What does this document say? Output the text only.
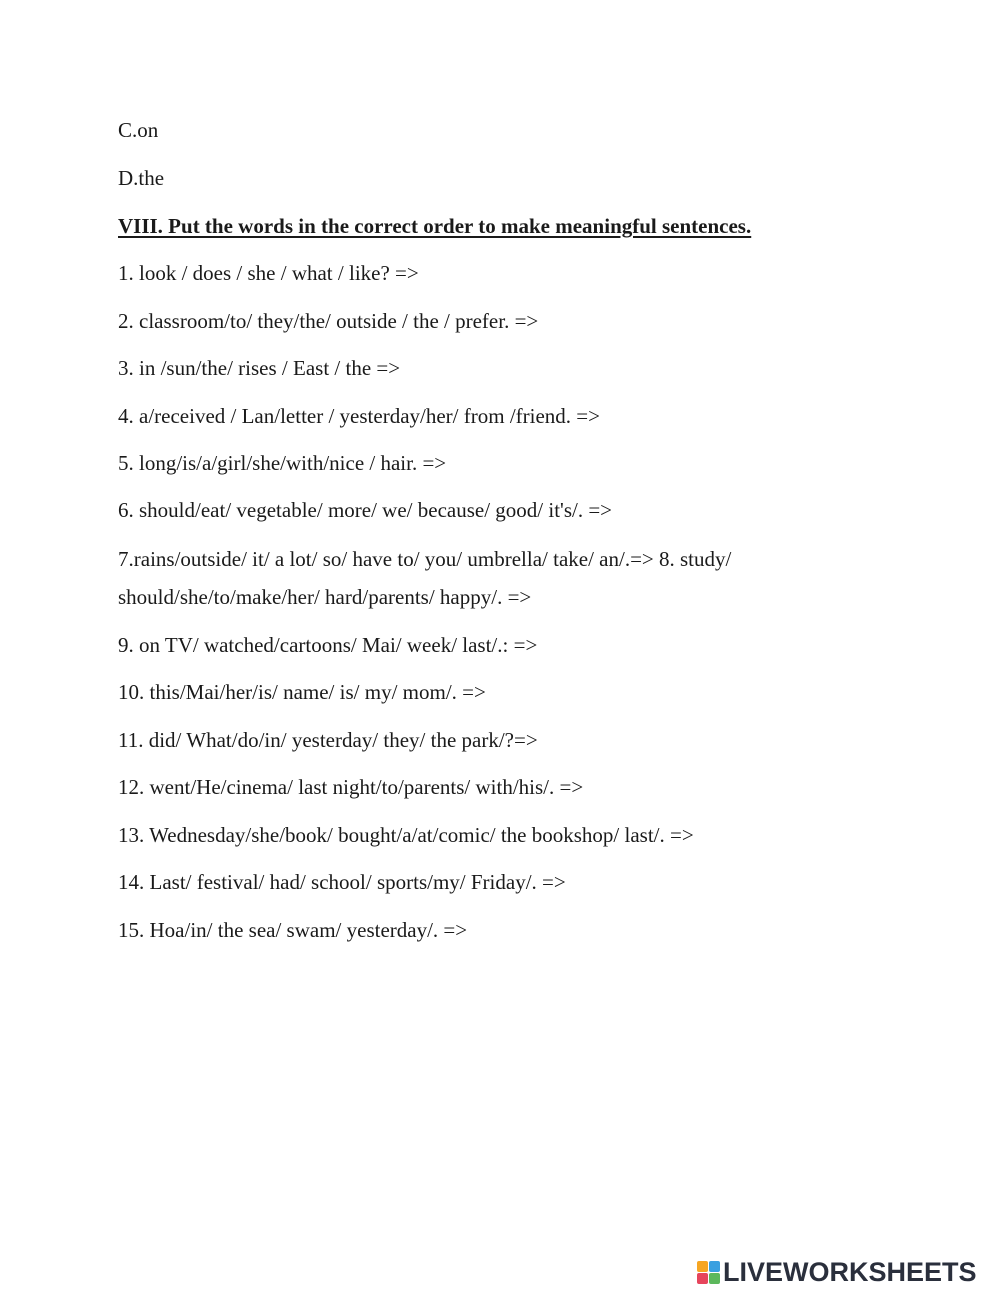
C.on
D.the
VIII. Put the words in the correct order to make meaningful sentences.
1. look / does / she / what / like? =>
2. classroom/to/ they/the/ outside / the / prefer. =>
3. in /sun/the/ rises / East / the =>
4. a/received / Lan/letter / yesterday/her/ from /friend. =>
5. long/is/a/girl/she/with/nice / hair. =>
6. should/eat/ vegetable/ more/ we/ because/ good/ it's/. =>
7.rains/outside/ it/ a lot/ so/ have to/ you/ umbrella/ take/ an/.=> 8. study/
should/she/to/make/her/ hard/parents/ happy/. =>
9. on TV/ watched/cartoons/ Mai/ week/ last/.: =>
10. this/Mai/her/is/ name/ is/ my/ mom/. =>
11. did/ What/do/in/ yesterday/ they/ the park/?=>
12. went/He/cinema/ last night/to/parents/ with/his/. =>
13. Wednesday/she/book/ bought/a/at/comic/ the bookshop/ last/. =>
14. Last/ festival/ had/ school/ sports/my/ Friday/. =>
15. Hoa/in/ the sea/ swam/ yesterday/. =>
LIVEWORKSHEETS
